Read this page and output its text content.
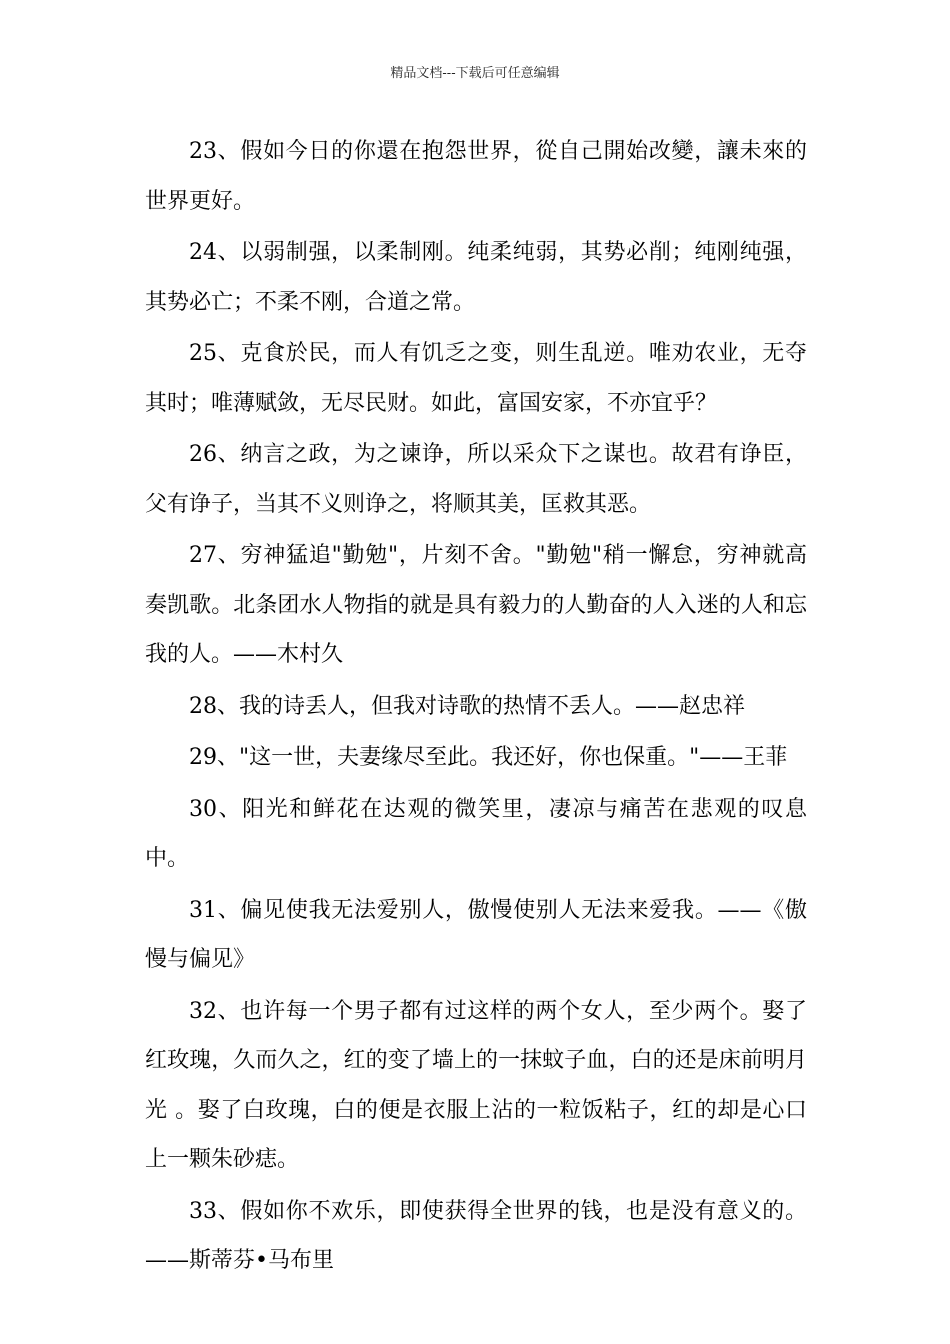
精品文档---下载后可任意编辑

23、假如今日的你還在抱怨世界，從自己開始改變，讓未來的世界更好。

24、以弱制强，以柔制刚。纯柔纯弱，其势必削；纯刚纯强，其势必亡；不柔不刚，合道之常。

25、克食於民，而人有饥乏之变，则生乱逆。唯劝农业，无夺其时；唯薄赋敛，无尽民财。如此，富国安家，不亦宜乎？

26、纳言之政，为之谏诤，所以采众下之谋也。故君有诤臣，父有诤子，当其不义则诤之，将顺其美，匡救其恶。

27、穷神猛追"勤勉"，片刻不舍。"勤勉"稍一懈怠，穷神就高奏凯歌。北条团水人物指的就是具有毅力的人勤奋的人入迷的人和忘我的人。——木村久

28、我的诗丢人，但我对诗歌的热情不丢人。——赵忠祥

29、"这一世，夫妻缘尽至此。我还好，你也保重。"——王菲

30、阳光和鲜花在达观的微笑里，凄凉与痛苦在悲观的叹息中。

31、偏见使我无法爱别人，傲慢使别人无法来爱我。——《傲慢与偏见》

32、也许每一个男子都有过这样的两个女人，至少两个。娶了红玫瑰，久而久之，红的变了墙上的一抹蚊子血，白的还是床前明月光 。娶了白玫瑰，白的便是衣服上沾的一粒饭粘子，红的却是心口上一颗朱砂痣。

33、假如你不欢乐，即使获得全世界的钱，也是没有意义的。——斯蒂芬•马布里
